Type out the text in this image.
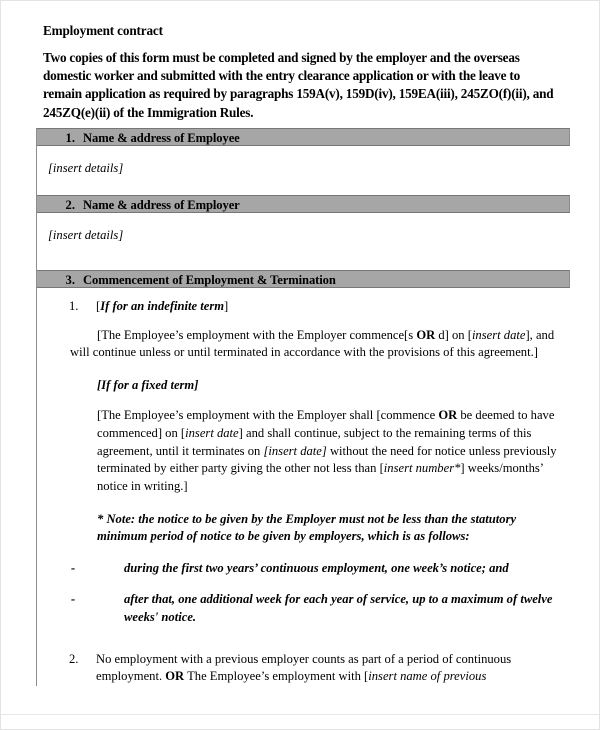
Employment contract
Two copies of this form must be completed and signed by the employer and the overseas domestic worker and submitted with the entry clearance application or with the leave to remain application as required by paragraphs 159A(v), 159D(iv), 159EA(iii), 245ZO(f)(ii), and 245ZQ(e)(ii) of the Immigration Rules.
1. Name & address of Employee
[insert details]
2. Name & address of Employer
[insert details]
3. Commencement of Employment & Termination
1.	[If for an indefinite term]
[The Employee’s employment with the Employer commence[s OR d] on [insert date], and will continue unless or until terminated in accordance with the provisions of this agreement.]
[If for a fixed term]
[The Employee’s employment with the Employer shall [commence OR be deemed to have commenced] on [insert date] and shall continue, subject to the remaining terms of this agreement, until it terminates on [insert date] without the need for notice unless previously terminated by either party giving the other not less than [insert number*] weeks/months’ notice in writing.]
* Note: the notice to be given by the Employer must not be less than the statutory minimum period of notice to be given by employers, which is as follows:
-	during the first two years’ continuous employment, one week’s notice; and
-	after that, one additional week for each year of service, up to a maximum of twelve weeks' notice.
2.	No employment with a previous employer counts as part of a period of continuous employment. OR The Employee’s employment with [insert name of previous
